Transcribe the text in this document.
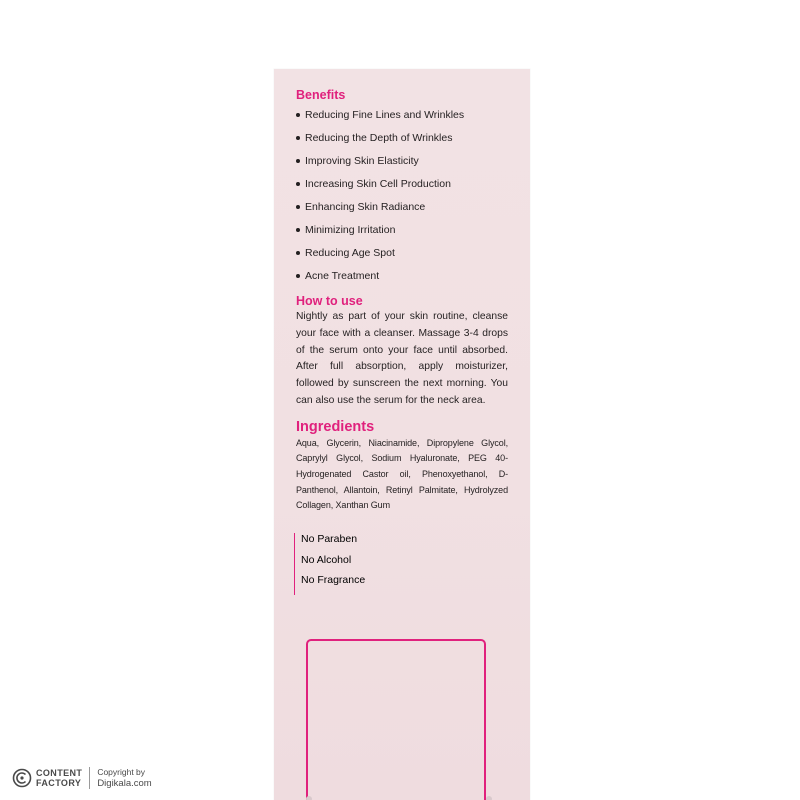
Benefits
Reducing Fine Lines and Wrinkles
Reducing the Depth of Wrinkles
Improving Skin Elasticity
Increasing Skin Cell Production
Enhancing Skin Radiance
Minimizing Irritation
Reducing Age Spot
Acne Treatment
How to use

Nightly as part of your skin routine, cleanse your face with a cleanser. Massage 3-4 drops of the serum onto your face until absorbed. After full absorption, apply moisturizer, followed by sunscreen the next morning. You can also use the serum for the neck area.

Ingredients

Aqua, Glycerin, Niacinamide, Dipropylene Glycol, Caprylyl Glycol, Sodium Hyaluronate, PEG 40-Hydrogenated Castor oil, Phenoxyethanol, D-Panthenol, Allantoin, Retinyl Palmitate, Hydrolyzed Collagen, Xanthan Gum

No Paraben
No Alcohol
No Fragrance
CONTENT
FACTORY
Copyright by
Digikala.com
